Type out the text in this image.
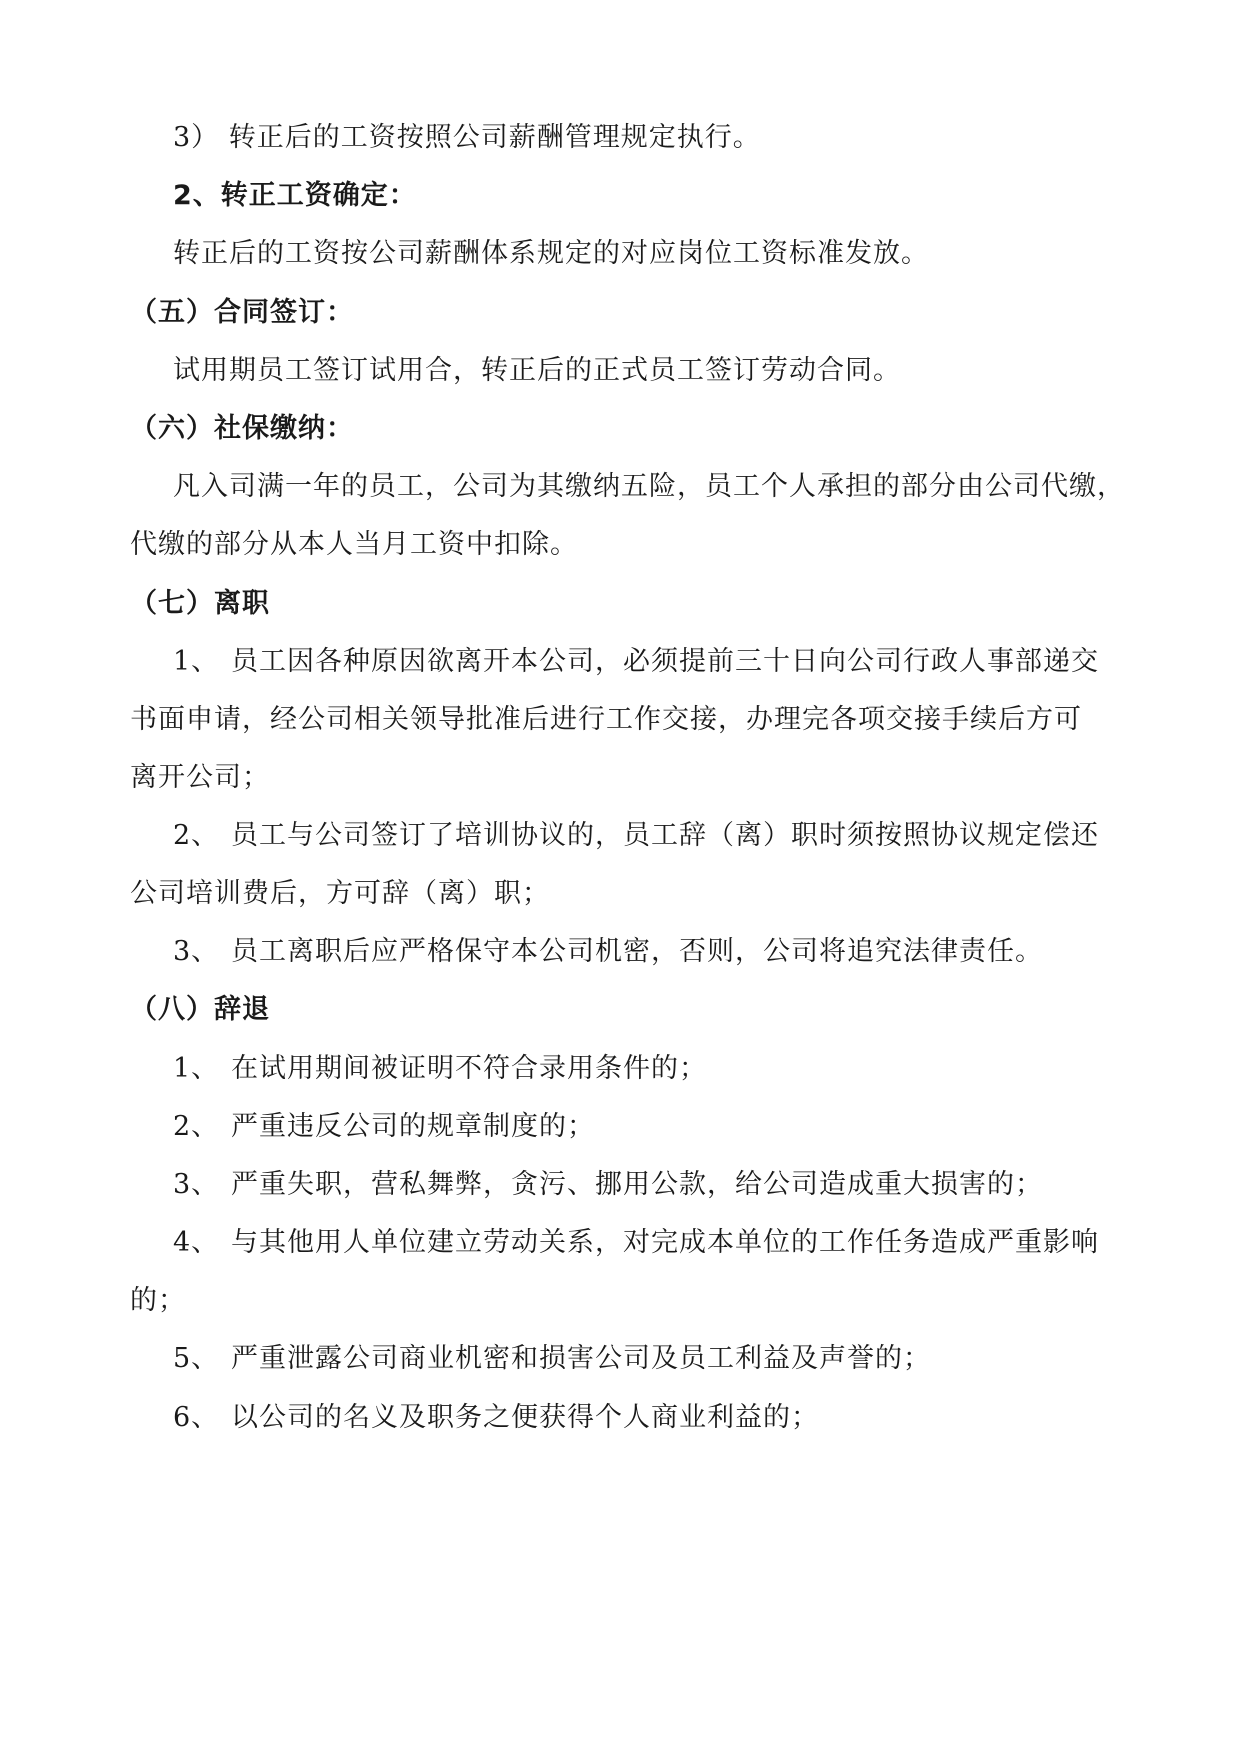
3） 转正后的工资按照公司薪酬管理规定执行。
2、转正工资确定：
转正后的工资按公司薪酬体系规定的对应岗位工资标准发放。
（五）合同签订：
试用期员工签订试用合，转正后的正式员工签订劳动合同。
（六）社保缴纳：
凡入司满一年的员工，公司为其缴纳五险，员工个人承担的部分由公司代缴，
代缴的部分从本人当月工资中扣除。
（七）离职
1、 员工因各种原因欲离开本公司，必须提前三十日向公司行政人事部递交
书面申请，经公司相关领导批准后进行工作交接，办理完各项交接手续后方可
离开公司；
2、 员工与公司签订了培训协议的，员工辞（离）职时须按照协议规定偿还
公司培训费后，方可辞（离）职；
3、 员工离职后应严格保守本公司机密，否则，公司将追究法律责任。
（八）辞退
1、 在试用期间被证明不符合录用条件的；
2、 严重违反公司的规章制度的；
3、 严重失职，营私舞弊，贪污、挪用公款，给公司造成重大损害的；
4、 与其他用人单位建立劳动关系，对完成本单位的工作任务造成严重影响
的；
5、 严重泄露公司商业机密和损害公司及员工利益及声誉的；
6、 以公司的名义及职务之便获得个人商业利益的；
